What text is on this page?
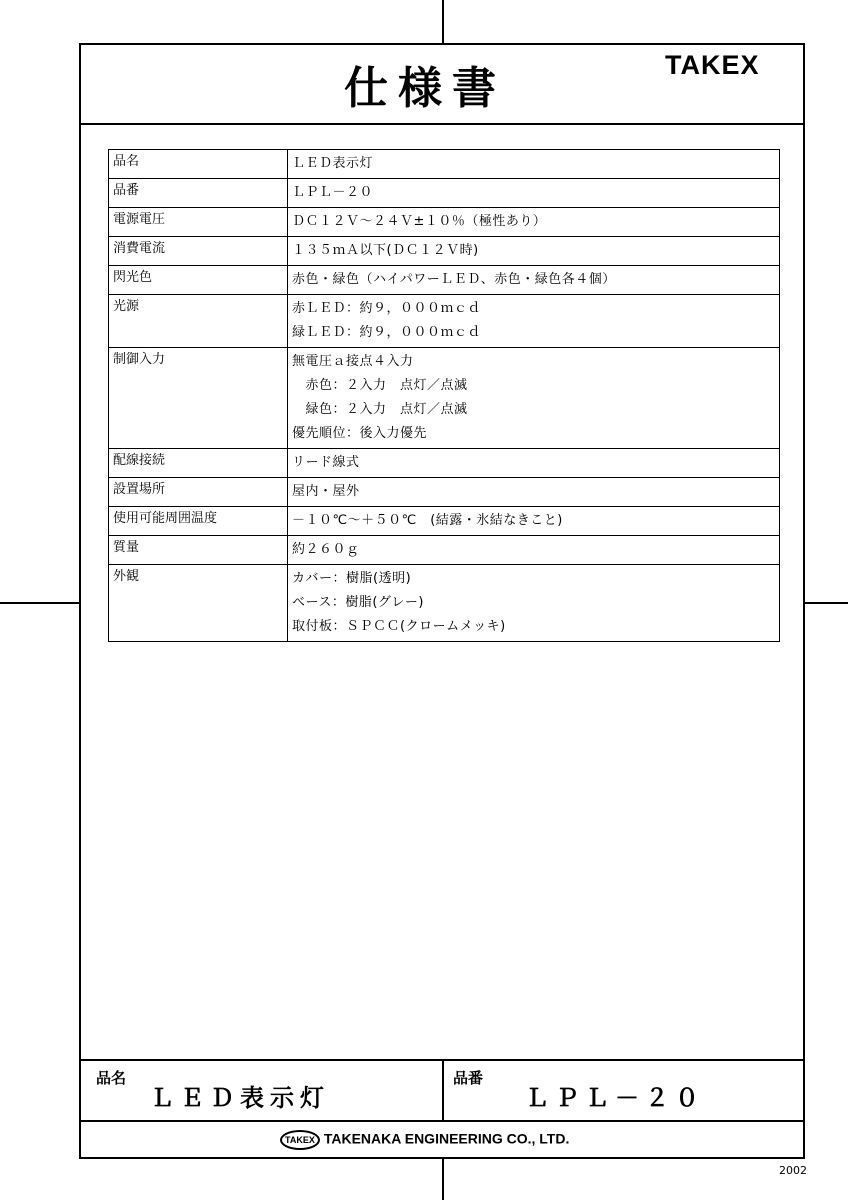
仕様書	TAKEX
品名	ＬＥＤ表示灯

品番	ＬＰＬ－２０

電源電圧	ＤＣ１２Ｖ～２４Ｖ±１０％（極性あり）

消費電流	１３５ｍＡ以下(ＤＣ１２Ｖ時)

閃光色	赤色・緑色（ハイパワーＬＥＤ、赤色・緑色各４個）

光源	赤ＬＥＤ：約９，０００ｍｃｄ
緑ＬＥＤ：約９，０００ｍｃｄ

制御入力	無電圧ａ接点４入力
　赤色：２入力　点灯／点滅
　緑色：２入力　点灯／点滅
優先順位：後入力優先

配線接続	リード線式

設置場所	屋内・屋外

使用可能周囲温度	－１０℃～＋５０℃　(結露・氷結なきこと)

質量	約２６０ｇ

外観	カバー：樹脂(透明)
ベース：樹脂(グレー)
取付板：ＳＰＣＣ(クロームメッキ)
品名
ＬＥＤ表示灯
品番
ＬＰＬ－２０
TAKEX TAKENAKA ENGINEERING CO., LTD.
2002
